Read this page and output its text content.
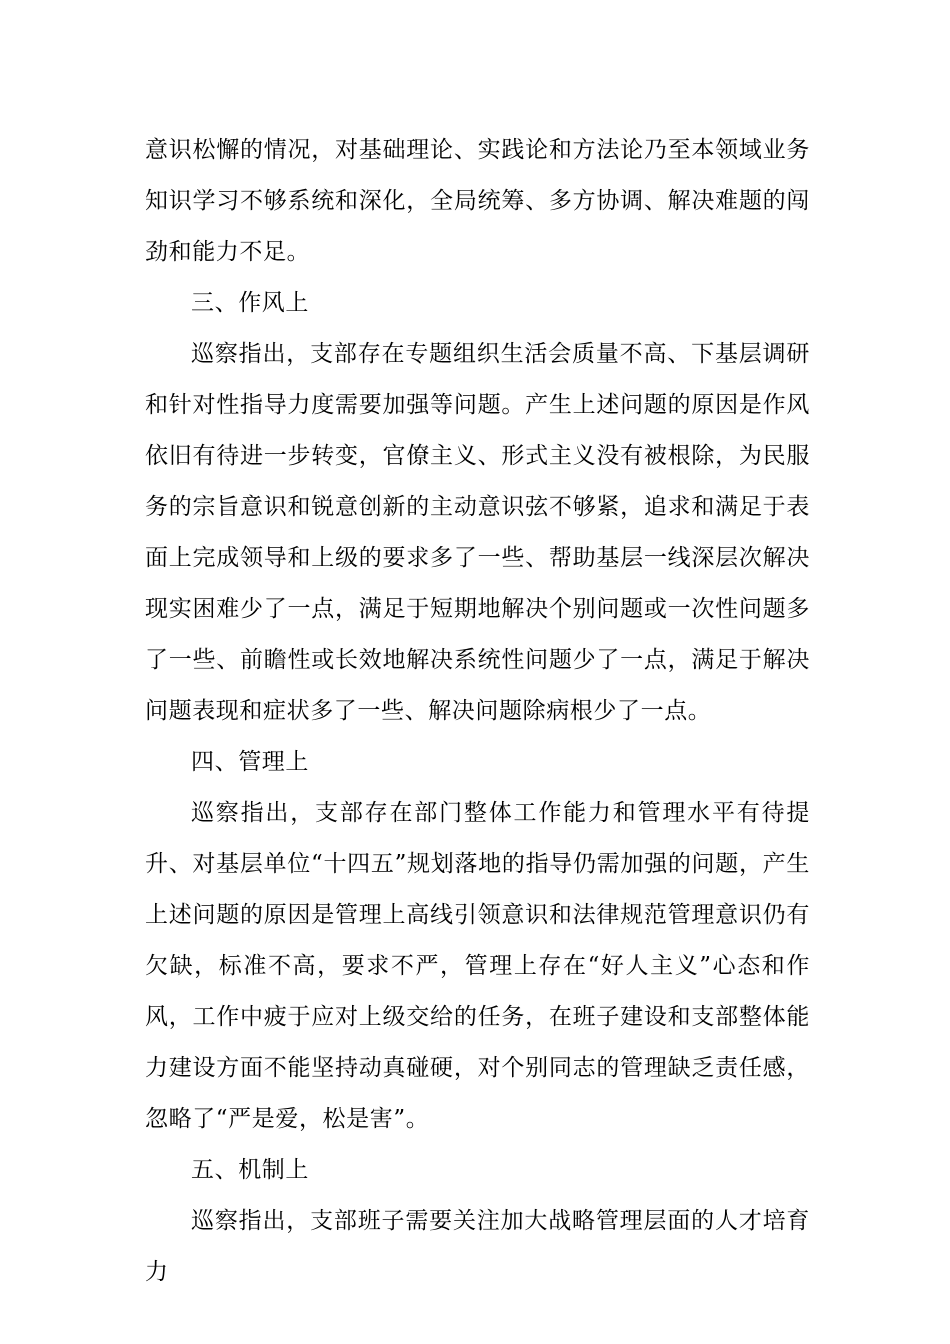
意识松懈的情况，对基础理论、实践论和方法论乃至本领域业务知识学习不够系统和深化，全局统筹、多方协调、解决难题的闯劲和能力不足。

三、作风上

巡察指出，支部存在专题组织生活会质量不高、下基层调研和针对性指导力度需要加强等问题。产生上述问题的原因是作风依旧有待进一步转变，官僚主义、形式主义没有被根除，为民服务的宗旨意识和锐意创新的主动意识弦不够紧，追求和满足于表面上完成领导和上级的要求多了一些、帮助基层一线深层次解决现实困难少了一点，满足于短期地解决个别问题或一次性问题多了一些、前瞻性或长效地解决系统性问题少了一点，满足于解决问题表现和症状多了一些、解决问题除病根少了一点。

四、管理上

巡察指出，支部存在部门整体工作能力和管理水平有待提升、对基层单位“十四五”规划落地的指导仍需加强的问题，产生上述问题的原因是管理上高线引领意识和法律规范管理意识仍有欠缺，标准不高，要求不严，管理上存在“好人主义”心态和作风，工作中疲于应对上级交给的任务，在班子建设和支部整体能力建设方面不能坚持动真碰硬，对个别同志的管理缺乏责任感，忽略了“严是爱，松是害”。

五、机制上

巡察指出，支部班子需要关注加大战略管理层面的人才培育力
